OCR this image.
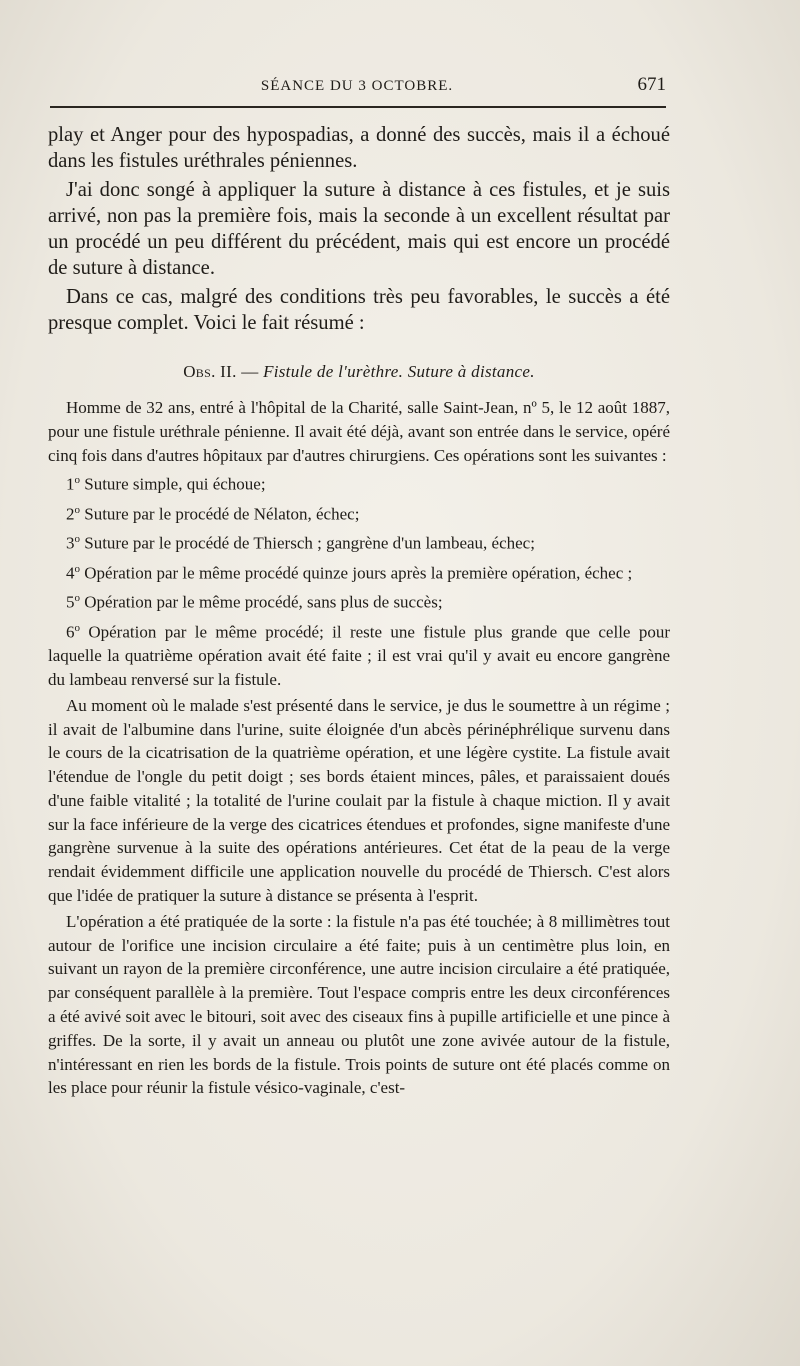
SÉANCE DU 3 OCTOBRE.	671

play et Anger pour des hypospadias, a donné des succès, mais il a échoué dans les fistules uréthrales péniennes.

J'ai donc songé à appliquer la suture à distance à ces fistules, et je suis arrivé, non pas la première fois, mais la seconde à un excellent résultat par un procédé un peu différent du précédent, mais qui est encore un procédé de suture à distance.

Dans ce cas, malgré des conditions très peu favorables, le succès a été presque complet. Voici le fait résumé :

Obs. II. — Fistule de l'urèthre. Suture à distance.

Homme de 32 ans, entré à l'hôpital de la Charité, salle Saint-Jean, nº 5, le 12 août 1887, pour une fistule uréthrale pénienne. Il avait été déjà, avant son entrée dans le service, opéré cinq fois dans d'autres hôpitaux par d'autres chirurgiens. Ces opérations sont les suivantes :

1$^o$ Suture simple, qui échoue;

2$^o$ Suture par le procédé de Nélaton, échec;

3$^o$ Suture par le procédé de Thiersch ; gangrène d'un lambeau, échec;

4$^o$ Opération par le même procédé quinze jours après la première opération, échec ;

5$^o$ Opération par le même procédé, sans plus de succès;

6$^o$ Opération par le même procédé; il reste une fistule plus grande que celle pour laquelle la quatrième opération avait été faite ; il est vrai qu'il y avait eu encore gangrène du lambeau renversé sur la fistule.

Au moment où le malade s'est présenté dans le service, je dus le soumettre à un régime ; il avait de l'albumine dans l'urine, suite éloignée d'un abcès périnéphrélique survenu dans le cours de la cicatrisation de la quatrième opération, et une légère cystite. La fistule avait l'étendue de l'ongle du petit doigt ; ses bords étaient minces, pâles, et paraissaient doués d'une faible vitalité ; la totalité de l'urine coulait par la fistule à chaque miction. Il y avait sur la face inférieure de la verge des cicatrices étendues et profondes, signe manifeste d'une gangrène survenue à la suite des opérations antérieures. Cet état de la peau de la verge rendait évidemment difficile une application nouvelle du procédé de Thiersch. C'est alors que l'idée de pratiquer la suture à distance se présenta à l'esprit.

L'opération a été pratiquée de la sorte : la fistule n'a pas été touchée; à 8 millimètres tout autour de l'orifice une incision circulaire a été faite; puis à un centimètre plus loin, en suivant un rayon de la première circonférence, une autre incision circulaire a été pratiquée, par conséquent parallèle à la première. Tout l'espace compris entre les deux circonférences a été avivé soit avec le bitouri, soit avec des ciseaux fins à pupille artificielle et une pince à griffes. De la sorte, il y avait un anneau ou plutôt une zone avivée autour de la fistule, n'intéressant en rien les bords de la fistule. Trois points de suture ont été placés comme on les place pour réunir la fistule vésico-vaginale, c'est-
